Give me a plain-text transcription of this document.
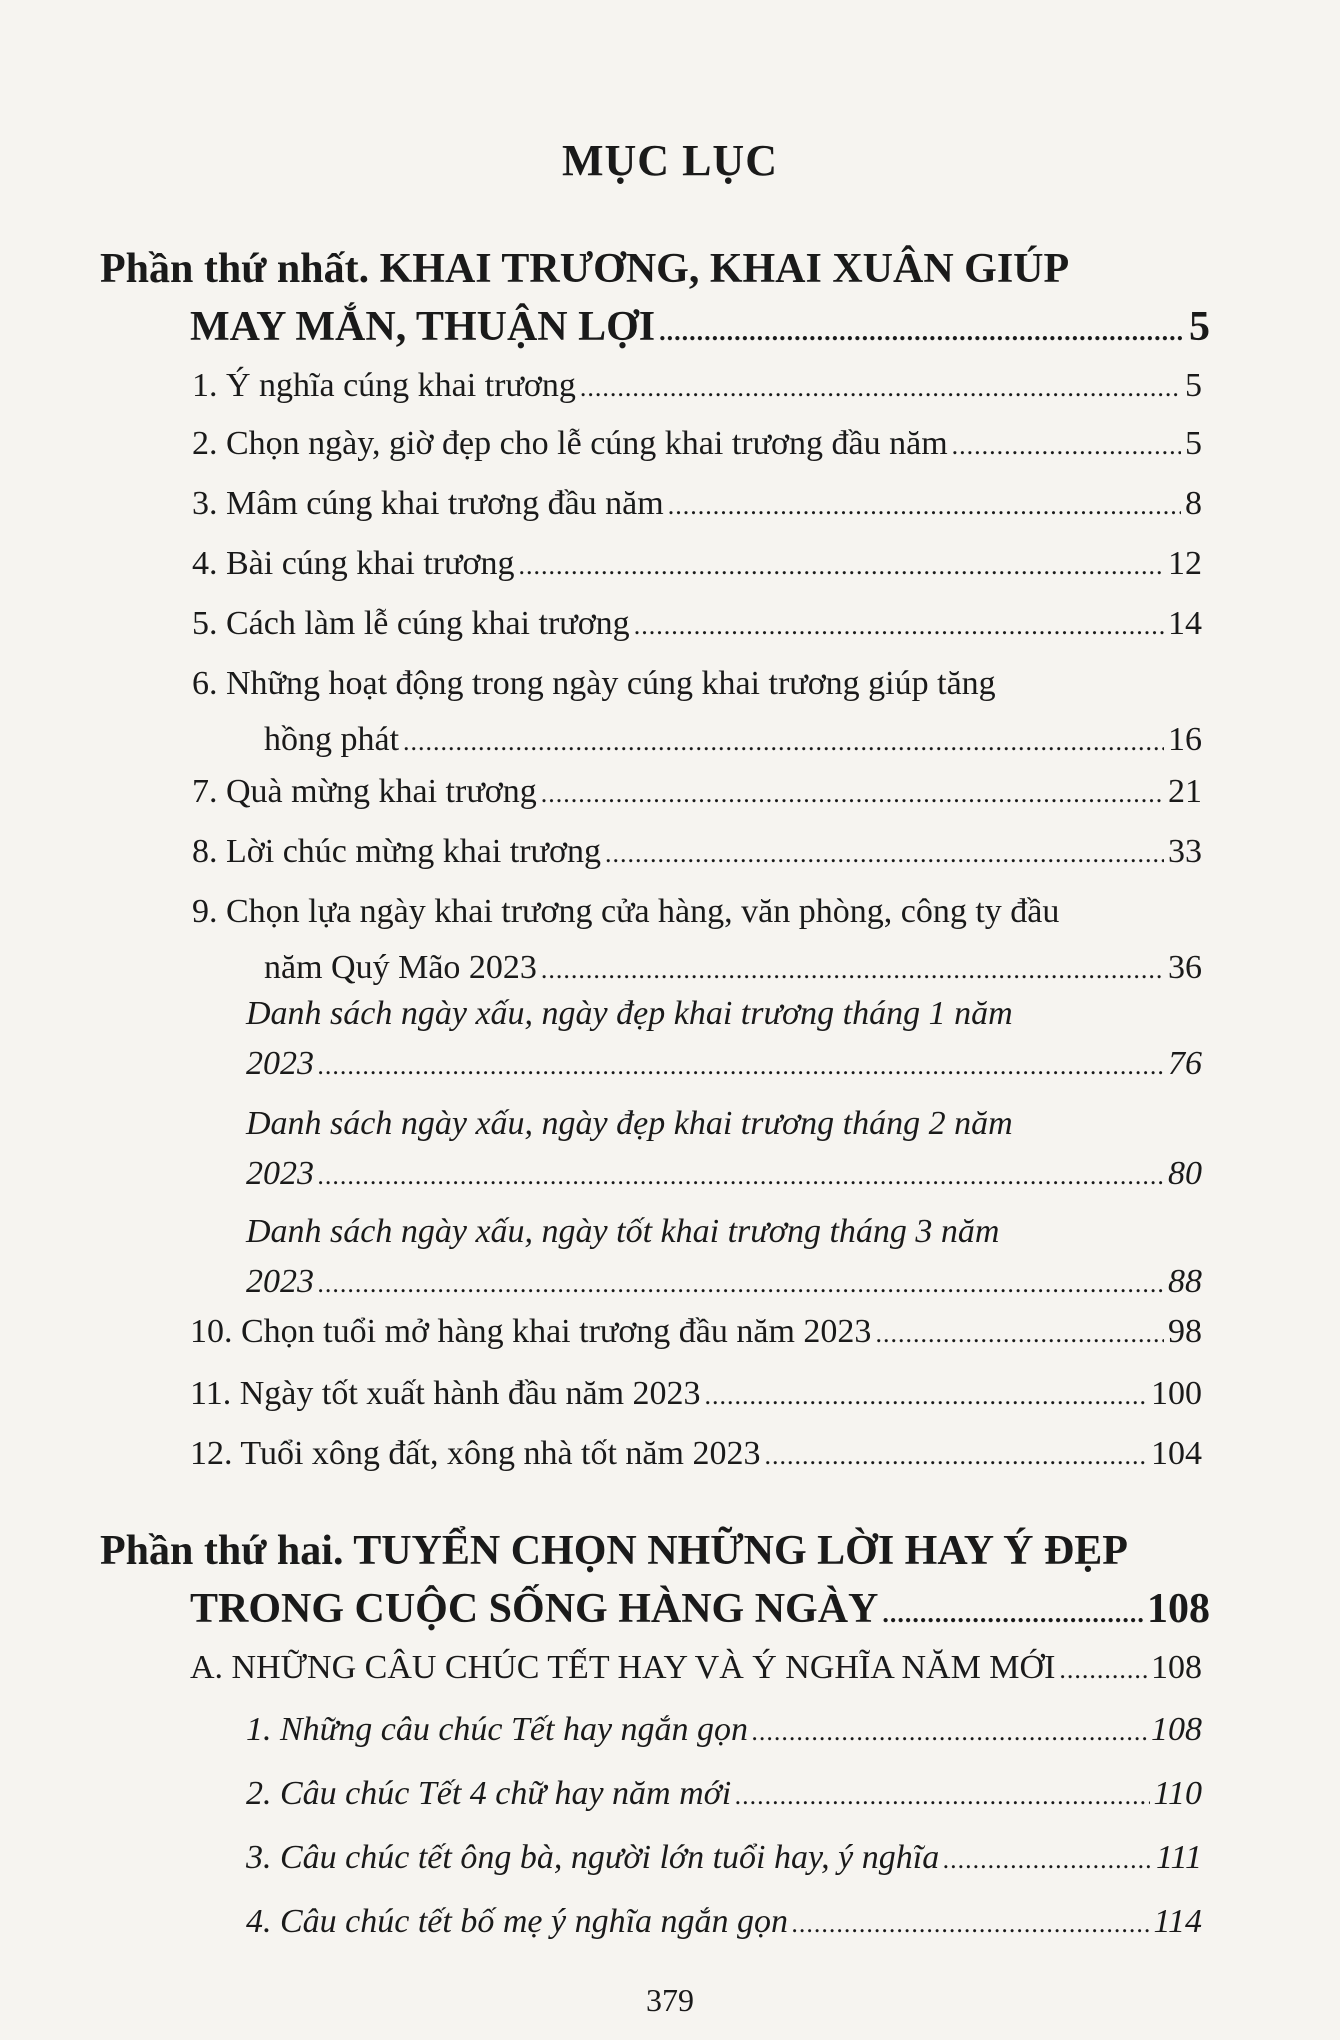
MỤC LỤC
Phần thứ nhất. KHAI TRƯƠNG, KHAI XUÂN GIÚP
MAY MẮN, THUẬN LỢI .....	5
1. Ý nghĩa cúng khai trương .....	5
2. Chọn ngày, giờ đẹp cho lễ cúng khai trương đầu năm .....	5
3. Mâm cúng khai trương đầu năm .....	8
4. Bài cúng khai trương .....	12
5. Cách làm lễ cúng khai trương .....	14
6. Những hoạt động trong ngày cúng khai trương giúp tăng
hồng phát .....	16
7. Quà mừng khai trương .....	21
8. Lời chúc mừng khai trương .....	33
9. Chọn lựa ngày khai trương cửa hàng, văn phòng, công ty đầu
năm Quý Mão 2023 .....	36
Danh sách ngày xấu, ngày đẹp khai trương tháng 1 năm
2023 .....	76
Danh sách ngày xấu, ngày đẹp khai trương tháng 2 năm
2023 .....	80
Danh sách ngày xấu, ngày tốt khai trương tháng 3 năm
2023 .....	88
10. Chọn tuổi mở hàng khai trương đầu năm 2023 .....	98
11. Ngày tốt xuất hành đầu năm 2023 .....	100
12. Tuổi xông đất, xông nhà tốt năm 2023 .....	104
Phần thứ hai. TUYỂN CHỌN NHỮNG LỜI HAY Ý ĐẸP
TRONG CUỘC SỐNG HÀNG NGÀY .....	108
A. NHỮNG CÂU CHÚC TẾT HAY VÀ Ý NGHĨA NĂM MỚI .....	108
1. Những câu chúc Tết hay ngắn gọn .....	108
2. Câu chúc Tết 4 chữ hay năm mới .....	110
3. Câu chúc tết ông bà, người lớn tuổi hay, ý nghĩa .....	111
4. Câu chúc tết bố mẹ ý nghĩa ngắn gọn .....	114
379
